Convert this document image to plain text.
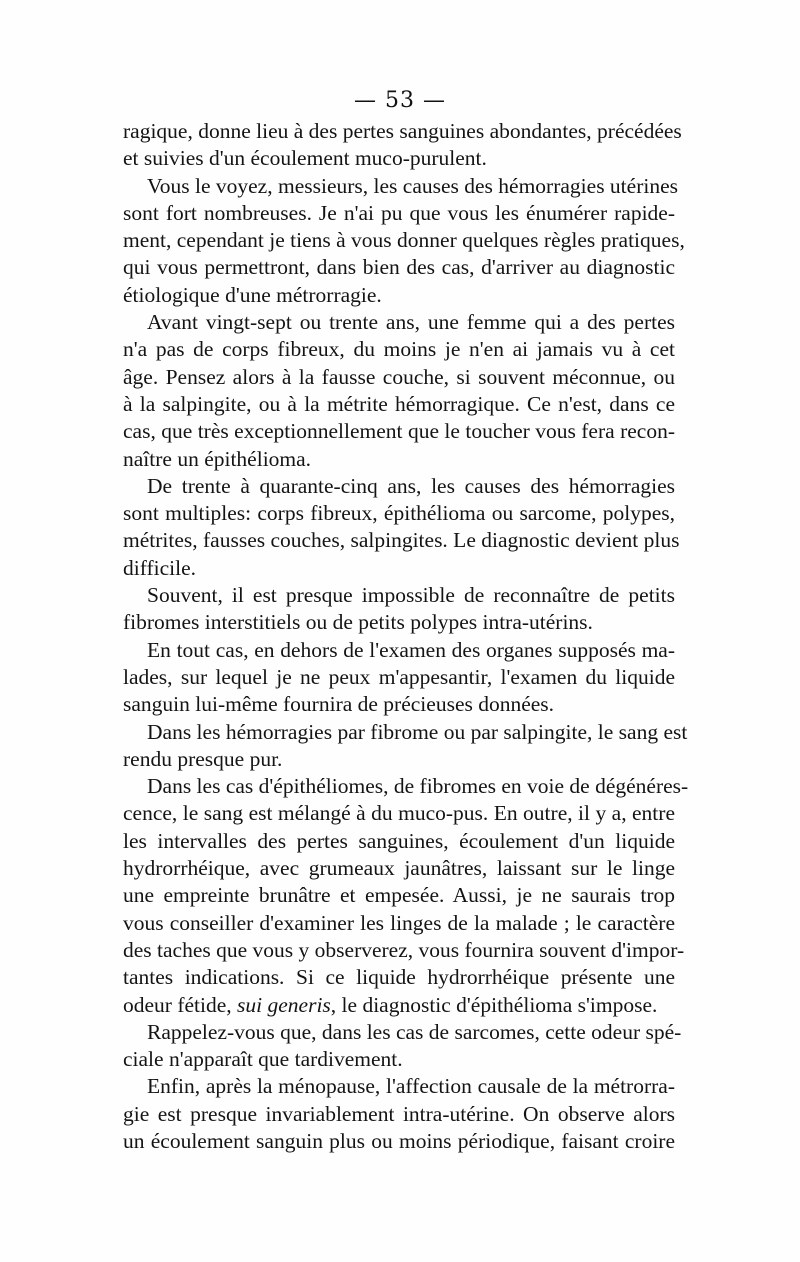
— 53 —
ragique, donne lieu à des pertes sanguines abondantes, précédées
et suivies d'un écoulement muco-purulent.
Vous le voyez, messieurs, les causes des hémorragies utérines
sont fort nombreuses. Je n'ai pu que vous les énumérer rapide-
ment, cependant je tiens à vous donner quelques règles pratiques,
qui vous permettront, dans bien des cas, d'arriver au diagnostic
étiologique d'une métrorragie.
Avant vingt-sept ou trente ans, une femme qui a des pertes
n'a pas de corps fibreux, du moins je n'en ai jamais vu à cet
âge. Pensez alors à la fausse couche, si souvent méconnue, ou
à la salpingite, ou à la métrite hémorragique. Ce n'est, dans ce
cas, que très exceptionnellement que le toucher vous fera recon-
naître un épithélioma.
De trente à quarante-cinq ans, les causes des hémorragies
sont multiples: corps fibreux, épithélioma ou sarcome, polypes,
métrites, fausses couches, salpingites. Le diagnostic devient plus
difficile.
Souvent, il est presque impossible de reconnaître de petits
fibromes interstitiels ou de petits polypes intra-utérins.
En tout cas, en dehors de l'examen des organes supposés ma-
lades, sur lequel je ne peux m'appesantir, l'examen du liquide
sanguin lui-même fournira de précieuses données.
Dans les hémorragies par fibrome ou par salpingite, le sang est
rendu presque pur.
Dans les cas d'épithéliomes, de fibromes en voie de dégénéres-
cence, le sang est mélangé à du muco-pus. En outre, il y a, entre
les intervalles des pertes sanguines, écoulement d'un liquide
hydrorrhéique, avec grumeaux jaunâtres, laissant sur le linge
une empreinte brunâtre et empesée. Aussi, je ne saurais trop
vous conseiller d'examiner les linges de la malade ; le caractère
des taches que vous y observerez, vous fournira souvent d'impor-
tantes indications. Si ce liquide hydrorrhéique présente une
odeur fétide, sui generis, le diagnostic d'épithélioma s'impose.
Rappelez-vous que, dans les cas de sarcomes, cette odeur spé-
ciale n'apparaît que tardivement.
Enfin, après la ménopause, l'affection causale de la métrorra-
gie est presque invariablement intra-utérine. On observe alors
un écoulement sanguin plus ou moins périodique, faisant croire
